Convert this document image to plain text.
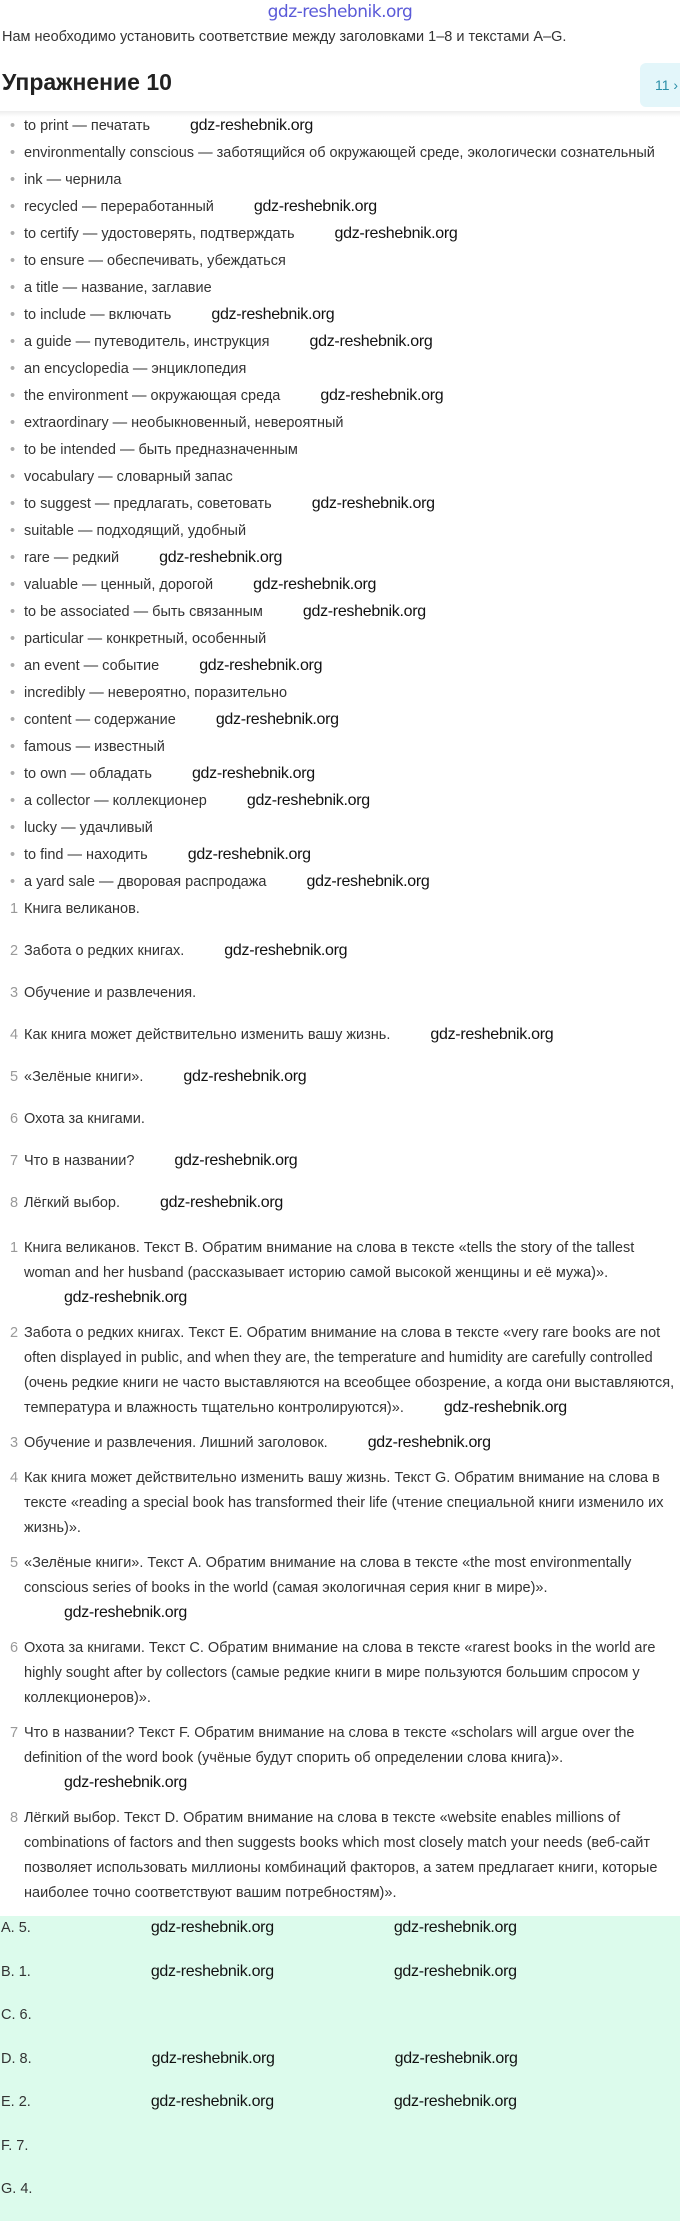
gdz-reshebnik.org
Нам необходимо установить соответствие между заголовками 1–8 и текстами A–G.
Упражнение 10	11 ›
• to print — печатать	gdz-reshebnik.org
• environmentally conscious — заботящийся об окружающей среде, экологически сознательный
• ink — чернила
• recycled — переработанный	gdz-reshebnik.org
• to certify — удостоверять, подтверждать	gdz-reshebnik.org
• to ensure — обеспечивать, убеждаться
• a title — название, заглавие
• to include — включать	gdz-reshebnik.org
• a guide — путеводитель, инструкция	gdz-reshebnik.org
• an encyclopedia — энциклопедия
• the environment — окружающая среда	gdz-reshebnik.org
• extraordinary — необыкновенный, невероятный
• to be intended — быть предназначенным
• vocabulary — словарный запас
• to suggest — предлагать, советовать	gdz-reshebnik.org
• suitable — подходящий, удобный
• rare — редкий	gdz-reshebnik.org
• valuable — ценный, дорогой	gdz-reshebnik.org
• to be associated — быть связанным	gdz-reshebnik.org
• particular — конкретный, особенный
• an event — событие	gdz-reshebnik.org
• incredibly — невероятно, поразительно
• content — содержание	gdz-reshebnik.org
• famous — известный
• to own — обладать	gdz-reshebnik.org
• a collector — коллекционер	gdz-reshebnik.org
• lucky — удачливый
• to find — находить	gdz-reshebnik.org
• a yard sale — дворовая распродажа	gdz-reshebnik.org
1 Книга великанов.
2 Забота о редких книгах.	gdz-reshebnik.org
3 Обучение и развлечения.
4 Как книга может действительно изменить вашу жизнь.	gdz-reshebnik.org
5 «Зелёные книги».	gdz-reshebnik.org
6 Охота за книгами.
7 Что в названии?	gdz-reshebnik.org
8 Лёгкий выбор.	gdz-reshebnik.org
1 Книга великанов. Текст B. Обратим внимание на слова в тексте «tells the story of the tallest woman and her husband (рассказывает историю самой высокой женщины и её мужа)».gdz-reshebnik.org
2 Забота о редких книгах. Текст E. Обратим внимание на слова в тексте «very rare books are not often displayed in public, and when they are, the temperature and humidity are carefully controlled (очень редкие книги не часто выставляются на всеобщее обозрение, а когда они выставляются, температура и влажность тщательно контролируются)».	gdz-reshebnik.org
3 Обучение и развлечения. Лишний заголовок.	gdz-reshebnik.org
4 Как книга может действительно изменить вашу жизнь. Текст G. Обратим внимание на слова в тексте «reading a special book has transformed their life (чтение специальной книги изменило их жизнь)».
5 «Зелёные книги». Текст A. Обратим внимание на слова в тексте «the most environmentally conscious series of books in the world (самая экологичная серия книг в мире)».gdz-reshebnik.org
6 Охота за книгами. Текст C. Обратим внимание на слова в тексте «rarest books in the world are highly sought after by collectors (самые редкие книги в мире пользуются большим спросом у коллекционеров)».
7 Что в названии? Текст F. Обратим внимание на слова в тексте «scholars will argue over the definition of the word book (учёные будут спорить об определении слова книга)».gdz-reshebnik.org
8 Лёгкий выбор. Текст D. Обратим внимание на слова в тексте «website enables millions of combinations of factors and then suggests books which most closely match your needs (веб-сайт позволяет использовать миллионы комбинаций факторов, а затем предлагает книги, которые наиболее точно соответствуют вашим потребностям)».
A. 5.	gdz-reshebnik.org	gdz-reshebnik.org
B. 1.	gdz-reshebnik.org	gdz-reshebnik.org
C. 6.
D. 8.	gdz-reshebnik.org	gdz-reshebnik.org
E. 2.	gdz-reshebnik.org	gdz-reshebnik.org
F. 7.
G. 4.
